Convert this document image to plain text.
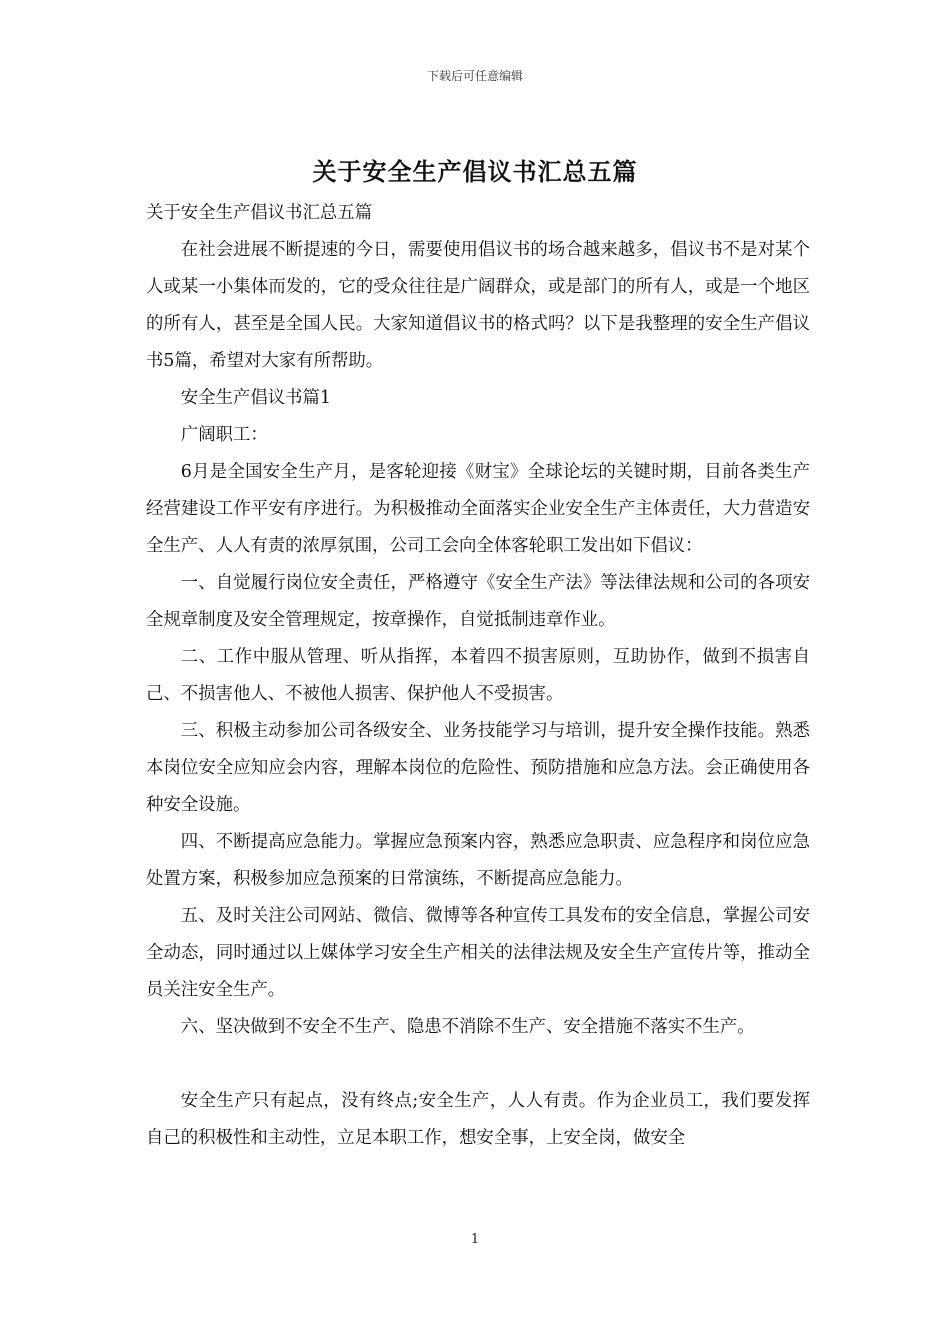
下载后可任意编辑
关于安全生产倡议书汇总五篇

关于安全生产倡议书汇总五篇

在社会进展不断提速的今日，需要使用倡议书的场合越来越多，倡议书不是对某个人或某一小集体而发的，它的受众往往是广阔群众，或是部门的所有人，或是一个地区的所有人，甚至是全国人民。大家知道倡议书的格式吗？以下是我整理的安全生产倡议书5篇，希望对大家有所帮助。

安全生产倡议书篇1

广阔职工：

6月是全国安全生产月，是客轮迎接《财宝》全球论坛的关键时期，目前各类生产经营建设工作平安有序进行。为积极推动全面落实企业安全生产主体责任，大力营造安全生产、人人有责的浓厚氛围，公司工会向全体客轮职工发出如下倡议：

一、自觉履行岗位安全责任，严格遵守《安全生产法》等法律法规和公司的各项安全规章制度及安全管理规定，按章操作，自觉抵制违章作业。

二、工作中服从管理、听从指挥，本着四不损害原则，互助协作，做到不损害自己、不损害他人、不被他人损害、保护他人不受损害。

三、积极主动参加公司各级安全、业务技能学习与培训，提升安全操作技能。熟悉本岗位安全应知应会内容，理解本岗位的危险性、预防措施和应急方法。会正确使用各种安全设施。

四、不断提高应急能力。掌握应急预案内容，熟悉应急职责、应急程序和岗位应急处置方案，积极参加应急预案的日常演练，不断提高应急能力。

五、及时关注公司网站、微信、微博等各种宣传工具发布的安全信息，掌握公司安全动态，同时通过以上媒体学习安全生产相关的法律法规及安全生产宣传片等，推动全员关注安全生产。

六、坚决做到不安全不生产、隐患不消除不生产、安全措施不落实不生产。

安全生产只有起点，没有终点;安全生产，人人有责。作为企业员工，我们要发挥自己的积极性和主动性，立足本职工作，想安全事，上安全岗，做安全

1
